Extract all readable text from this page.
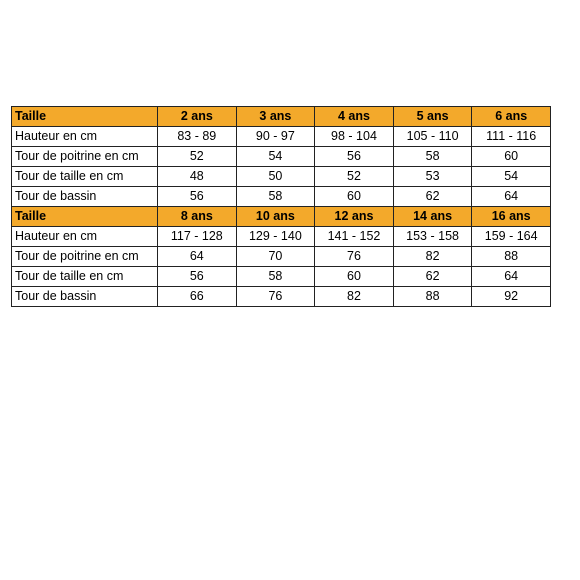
Taille	2 ans	3 ans	4 ans	5 ans	6 ans
Hauteur en cm	83 - 89	90 - 97	98 - 104	105 - 110	111 - 116
Tour de poitrine en cm	52	54	56	58	60
Tour de taille en cm	48	50	52	53	54
Tour de bassin	56	58	60	62	64
Taille	8 ans	10 ans	12 ans	14 ans	16 ans
Hauteur en cm	117 - 128	129 - 140	141 - 152	153 - 158	159 - 164
Tour de poitrine en cm	64	70	76	82	88
Tour de taille en cm	56	58	60	62	64
Tour de bassin	66	76	82	88	92
